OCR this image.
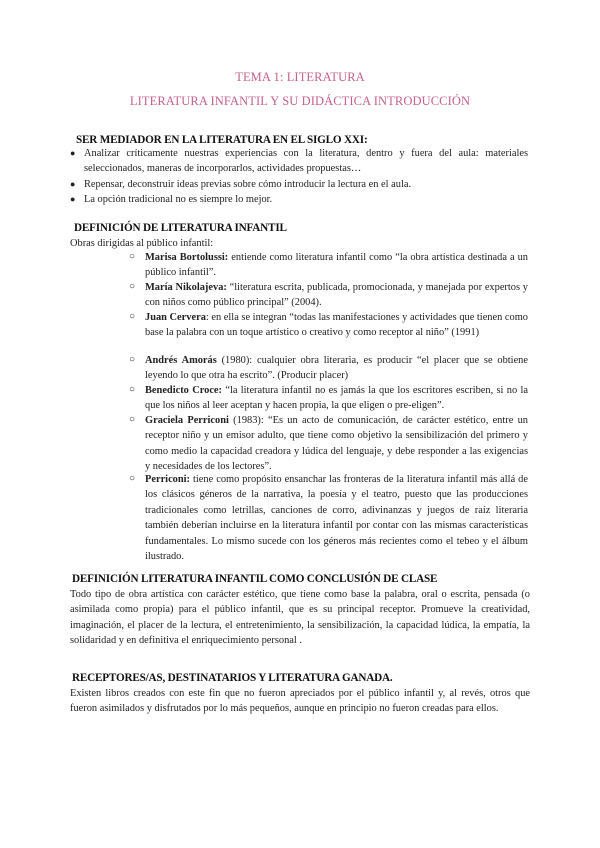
TEMA 1: LITERATURA
LITERATURA INFANTIL Y SU DIDÁCTICA INTRODUCCIÓN
SER MEDIADOR EN LA LITERATURA EN EL SIGLO XXI:
● Analizar críticamente nuestras experiencias con la literatura, dentro y fuera del aula: materiales seleccionados, maneras de incorporarlos, actividades propuestas…
● Repensar, deconstruir ideas previas sobre cómo introducir la lectura en el aula.
● La opción tradicional no es siempre lo mejor.
DEFINICIÓN DE LITERATURA INFANTIL
Obras dirigidas al público infantil:
○ Marisa Bortolussi: entiende como literatura infantil como “la obra artística destinada a un público infantil”.
○ María Nikolajeva: “literatura escrita, publicada, promocionada, y manejada por expertos y con niños como público principal” (2004).
○ Juan Cervera: en ella se integran “todas las manifestaciones y actividades que tienen como base la palabra con un toque artístico o creativo y como receptor al niño” (1991)
○ Andrés Amorás (1980): cualquier obra literaria, es producir “el placer que se obtiene leyendo lo que otra ha escrito”. (Producir placer)
○ Benedicto Croce: “la literatura infantil no es jamás la que los escritores escriben, si no la que los niños al leer aceptan y hacen propia, la que eligen o pre-eligen”.
○ Graciela Perriconi (1983): “Es un acto de comunicación, de carácter estético, entre un receptor niño y un emisor adulto, que tiene como objetivo la sensibilización del primero y como medio la capacidad creadora y lúdica del lenguaje, y debe responder a las exigencias y necesidades de los lectores”.
○ Perriconi: tiene como propósito ensanchar las fronteras de la literatura infantil más allá de los clásicos géneros de la narrativa, la poesía y el teatro, puesto que las producciones tradicionales como letrillas, canciones de corro, adivinanzas y juegos de raíz literaria también deberían incluirse en la literatura infantil por contar con las mismas características fundamentales. Lo mismo sucede con los géneros más recientes como el tebeo y el álbum ilustrado.
DEFINICIÓN LITERATURA INFANTIL COMO CONCLUSIÓN DE CLASE
Todo tipo de obra artística con carácter estético, que tiene como base la palabra, oral o escrita, pensada (o asimilada como propia) para el público infantil, que es su principal receptor. Promueve la creatividad, imaginación, el placer de la lectura, el entretenimiento, la sensibilización, la capacidad lúdica, la empatía, la solidaridad y en definitiva el enriquecimiento personal .
RECEPTORES/AS, DESTINATARIOS Y LITERATURA GANADA.
Existen libros creados con este fin que no fueron apreciados por el público infantil y, al revés, otros que fueron asimilados y disfrutados por lo más pequeños, aunque en principio no fueron creadas para ellos.
